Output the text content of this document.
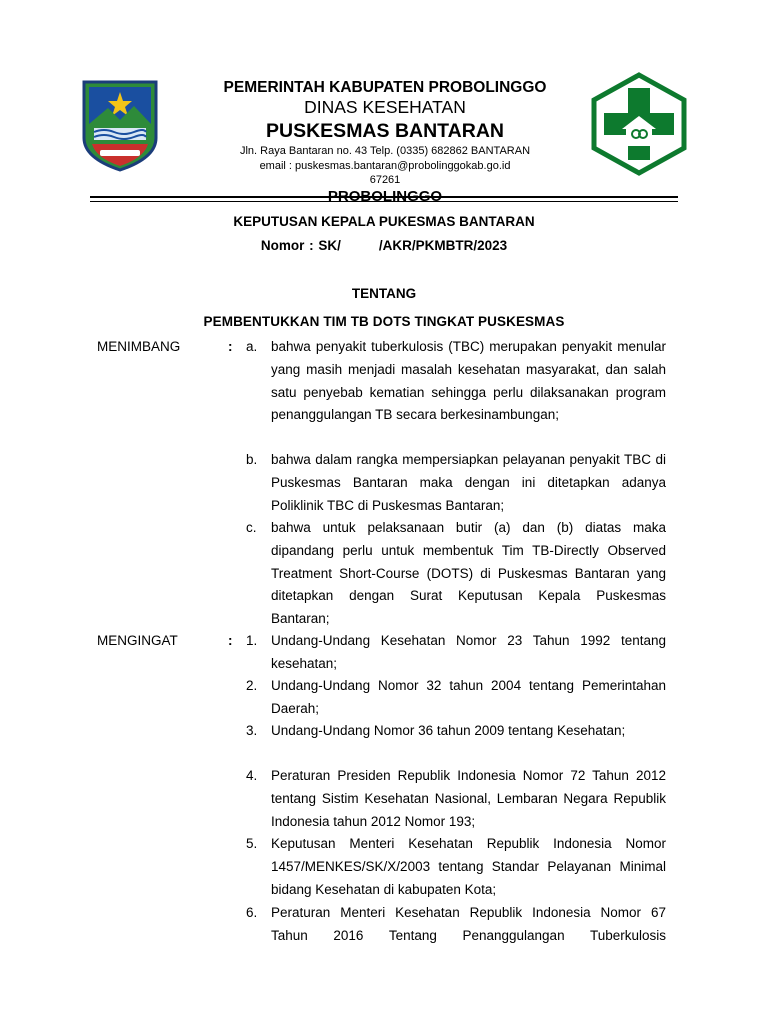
PEMERINTAH KABUPATEN PROBOLINGGO
DINAS KESEHATAN
PUSKESMAS BANTARAN
Jln. Raya Bantaran no. 43 Telp. (0335) 682862 BANTARAN
email : puskesmas.bantaran@probolinggokab.go.id
67261
PROBOLINGGO
KEPUTUSAN KEPALA PUKESMAS BANTARAN
Nomor : SK/        /AKR/PKMBTR/2023
TENTANG
PEMBENTUKKAN TIM TB DOTS TINGKAT PUSKESMAS
MENIMBANG	: a.	bahwa penyakit tuberkulosis (TBC) merupakan penyakit menular yang masih menjadi masalah kesehatan masyarakat, dan salah satu penyebab kematian sehingga perlu dilaksanakan program penanggulangan TB secara berkesinambungan;
b.	bahwa dalam rangka mempersiapkan pelayanan penyakit TBC di Puskesmas Bantaran maka dengan ini ditetapkan adanya Poliklinik TBC di Puskesmas Bantaran;
c.	bahwa untuk pelaksanaan butir (a) dan (b) diatas maka dipandang perlu untuk membentuk Tim TB-Directly Observed Treatment Short-Course (DOTS) di Puskesmas Bantaran yang ditetapkan dengan Surat Keputusan Kepala Puskesmas Bantaran;
MENGINGAT	: 1.	Undang-Undang Kesehatan Nomor 23 Tahun 1992 tentang kesehatan;
2.	Undang-Undang Nomor 32 tahun 2004 tentang Pemerintahan Daerah;
3.	Undang-Undang Nomor 36 tahun 2009 tentang Kesehatan;
4.	Peraturan Presiden Republik Indonesia Nomor 72 Tahun 2012 tentang Sistim Kesehatan Nasional, Lembaran Negara Republik Indonesia tahun 2012 Nomor 193;
5.	Keputusan Menteri Kesehatan Republik Indonesia Nomor 1457/MENKES/SK/X/2003 tentang Standar Pelayanan Minimal bidang Kesehatan di kabupaten Kota;
6.	Peraturan Menteri Kesehatan Republik Indonesia Nomor 67 Tahun 2016 Tentang Penanggulangan Tuberkulosis
